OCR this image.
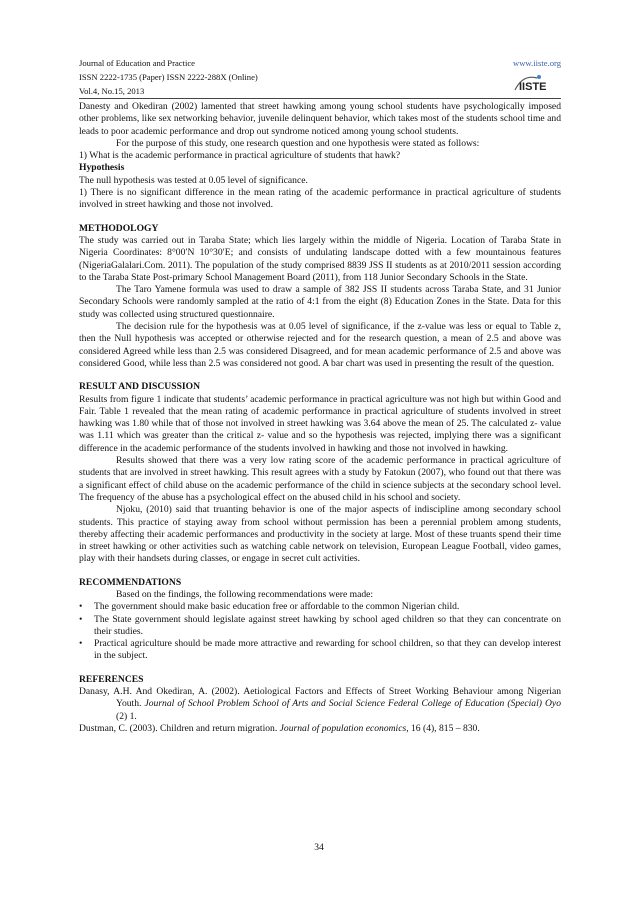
Journal of Education and Practice
ISSN 2222-1735 (Paper) ISSN 2222-288X (Online)
Vol.4, No.15, 2013
www.iiste.org
IISTE

Danesty and Okediran (2002) lamented that street hawking among young school students have psychologically imposed other problems, like sex networking behavior, juvenile delinquent behavior, which takes most of the students school time and leads to poor academic performance and drop out syndrome noticed among young school students.

For the purpose of this study, one research question and one hypothesis were stated as follows:

1) What is the academic performance in practical agriculture of students that hawk?

Hypothesis

The null hypothesis was tested at 0.05 level of significance.

1) There is no significant difference in the mean rating of the academic performance in practical agriculture of students involved in street hawking and those not involved.

METHODOLOGY

The study was carried out in Taraba State; which lies largely within the middle of Nigeria. Location of Taraba State in Nigeria Coordinates: 8°00′N 10°30′E; and consists of undulating landscape dotted with a few mountainous features (NigeriaGalalari.Com. 2011). The population of the study comprised 8839 JSS II students as at 2010/2011 session according to the Taraba State Post-primary School Management Board (2011), from 118 Junior Secondary Schools in the State.

The Taro Yamene formula was used to draw a sample of 382 JSS II students across Taraba State, and 31 Junior Secondary Schools were randomly sampled at the ratio of 4:1 from the eight (8) Education Zones in the State. Data for this study was collected using structured questionnaire.

The decision rule for the hypothesis was at 0.05 level of significance, if the z-value was less or equal to Table z, then the Null hypothesis was accepted or otherwise rejected and for the research question, a mean of 2.5 and above was considered Agreed while less than 2.5 was considered Disagreed, and for mean academic performance of 2.5 and above was considered Good, while less than 2.5 was considered not good. A bar chart was used in presenting the result of the question.

RESULT AND DISCUSSION

Results from figure 1 indicate that students’ academic performance in practical agriculture was not high but within Good and Fair. Table 1 revealed that the mean rating of academic performance in practical agriculture of students involved in street hawking was 1.80 while that of those not involved in street hawking was 3.64 above the mean of 25. The calculated z- value was 1.11 which was greater than the critical z- value and so the hypothesis was rejected, implying there was a significant difference in the academic performance of the students involved in hawking and those not involved in hawking.

Results showed that there was a very low rating score of the academic performance in practical agriculture of students that are involved in street hawking. This result agrees with a study by Fatokun (2007), who found out that there was a significant effect of child abuse on the academic performance of the child in science subjects at the secondary school level. The frequency of the abuse has a psychological effect on the abused child in his school and society.

Njoku, (2010) said that truanting behavior is one of the major aspects of indiscipline among secondary school students. This practice of staying away from school without permission has been a perennial problem among students, thereby affecting their academic performances and productivity in the society at large. Most of these truants spend their time in street hawking or other activities such as watching cable network on television, European League Football, video games, play with their handsets during classes, or engage in secret cult activities.

RECOMMENDATIONS

Based on the findings, the following recommendations were made:

•	The government should make basic education free or affordable to the common Nigerian child.
•	The State government should legislate against street hawking by school aged children so that they can concentrate on their studies.
•	Practical agriculture should be made more attractive and rewarding for school children, so that they can develop interest in the subject.

REFERENCES

Danasy, A.H. And Okediran, A. (2002). Aetiological Factors and Effects of Street Working Behaviour among Nigerian Youth. Journal of School Problem School of Arts and Social Science Federal College of Education (Special) Oyo (2) 1.

Dustman, C. (2003). Children and return migration. Journal of population economics, 16 (4), 815 – 830.

34
